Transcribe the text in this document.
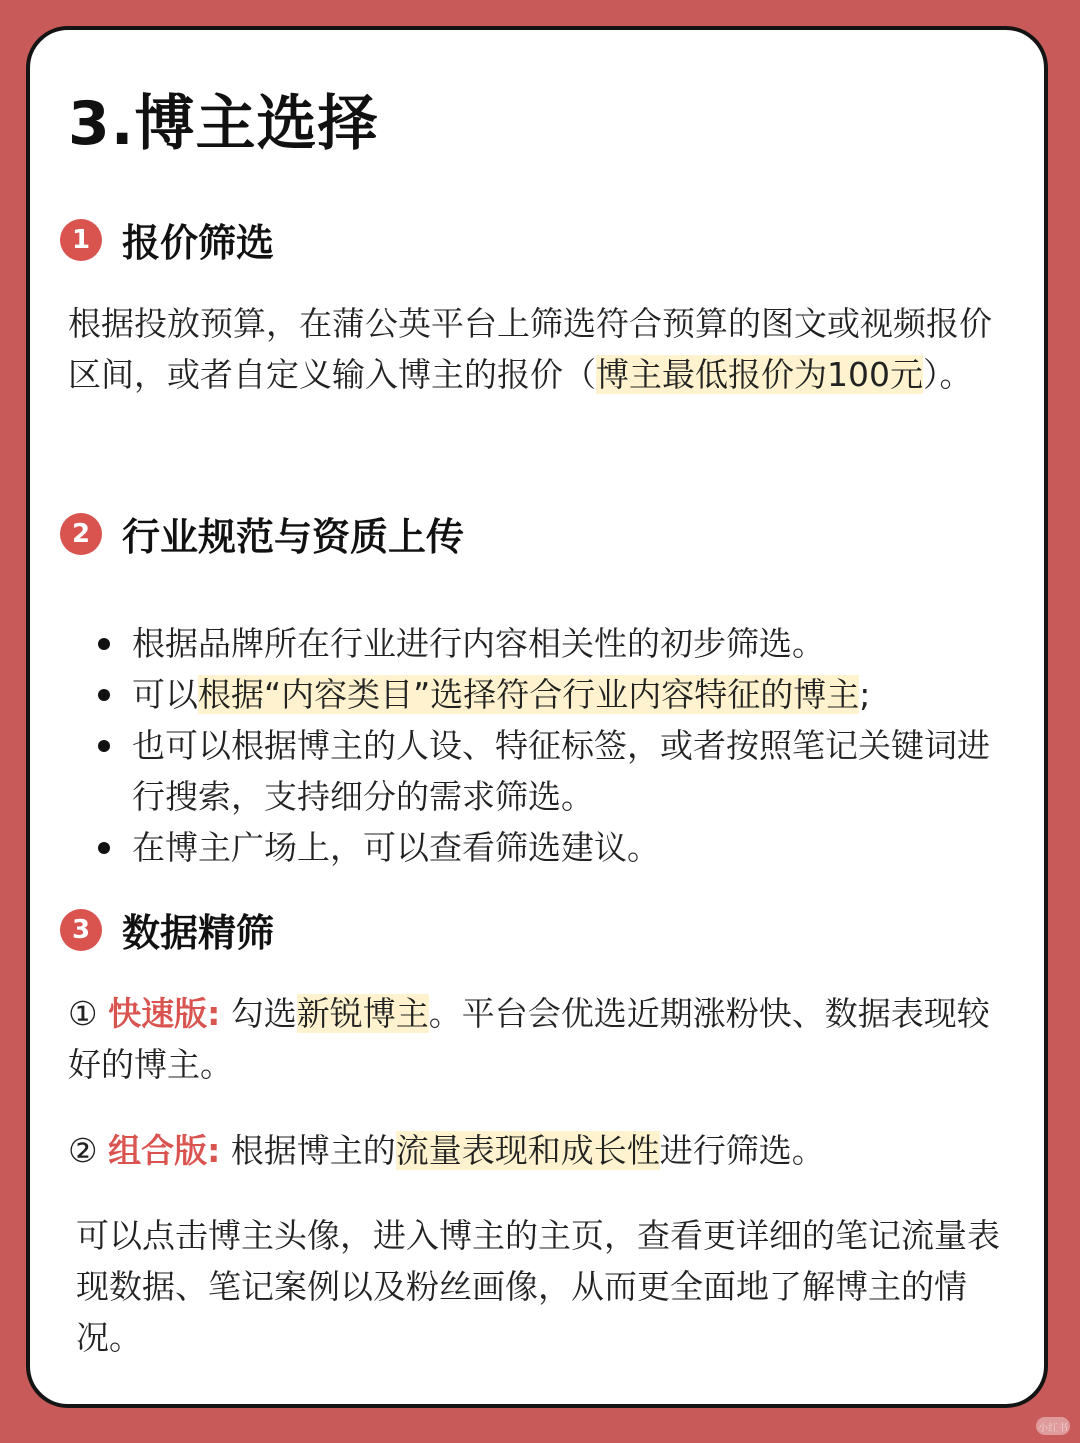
3.博主选择
1 报价筛选

根据投放预算，在蒲公英平台上筛选符合预算的图文或视频报价区间，或者自定义输入博主的报价（博主最低报价为100元）。

2 行业规范与资质上传
根据品牌所在行业进行内容相关性的初步筛选。
可以根据“内容类目”选择符合行业内容特征的博主;
也可以根据博主的人设、特征标签，或者按照笔记关键词进行搜索，支持细分的需求筛选。
在博主广场上，可以查看筛选建议。
3 数据精筛

① 快速版: 勾选新锐博主。平台会优选近期涨粉快、数据表现较好的博主。

② 组合版: 根据博主的流量表现和成长性进行筛选。

可以点击博主头像，进入博主的主页，查看更详细的笔记流量表现数据、笔记案例以及粉丝画像，从而更全面地了解博主的情况。

小红书
